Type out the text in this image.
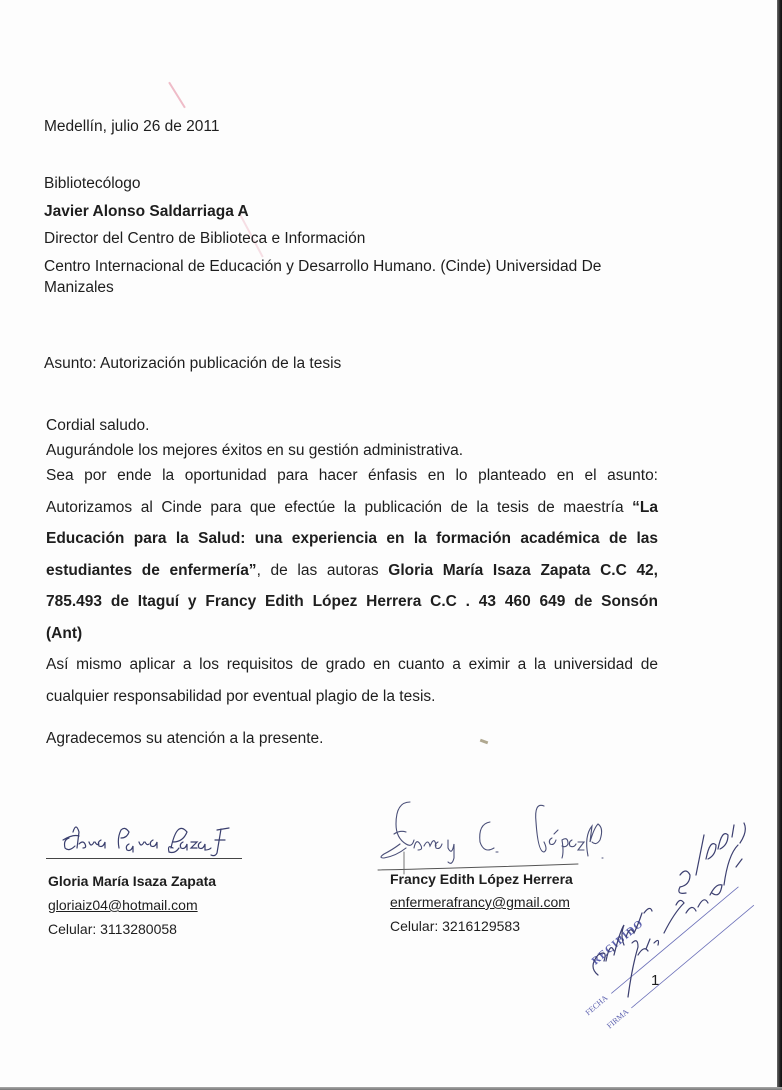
Medellín, julio 26 de 2011
Bibliotecólogo
Javier Alonso Saldarriaga A
Director del Centro de Biblioteca e Información
Centro Internacional de Educación y Desarrollo Humano. (Cinde) Universidad De
Manizales
Asunto: Autorización publicación de la tesis
Cordial saludo.
Augurándole los mejores éxitos en su gestión administrativa.
Sea por ende la oportunidad para hacer énfasis en lo planteado en el asunto:
Autorizamos al Cinde para que efectúe la publicación de la tesis de maestría “La
Educación para la Salud: una experiencia en la formación académica de las
estudiantes de enfermería”, de las autoras Gloria María Isaza Zapata C.C 42,
785.493 de Itaguí y Francy Edith López Herrera C.C . 43 460 649 de Sonsón
(Ant)
Así mismo aplicar a los requisitos de grado en cuanto a eximir a la universidad de
cualquier responsabilidad por eventual plagio de la tesis.
Agradecemos su atención a la presente.
Gloria María Isaza Zapata
gloriaiz04@hotmail.com
Celular: 3113280058
Francy Edith López Herrera
enfermerafrancy@gmail.com
Celular: 3216129583	RECIBIDO
FECHA
FIRMA
1
